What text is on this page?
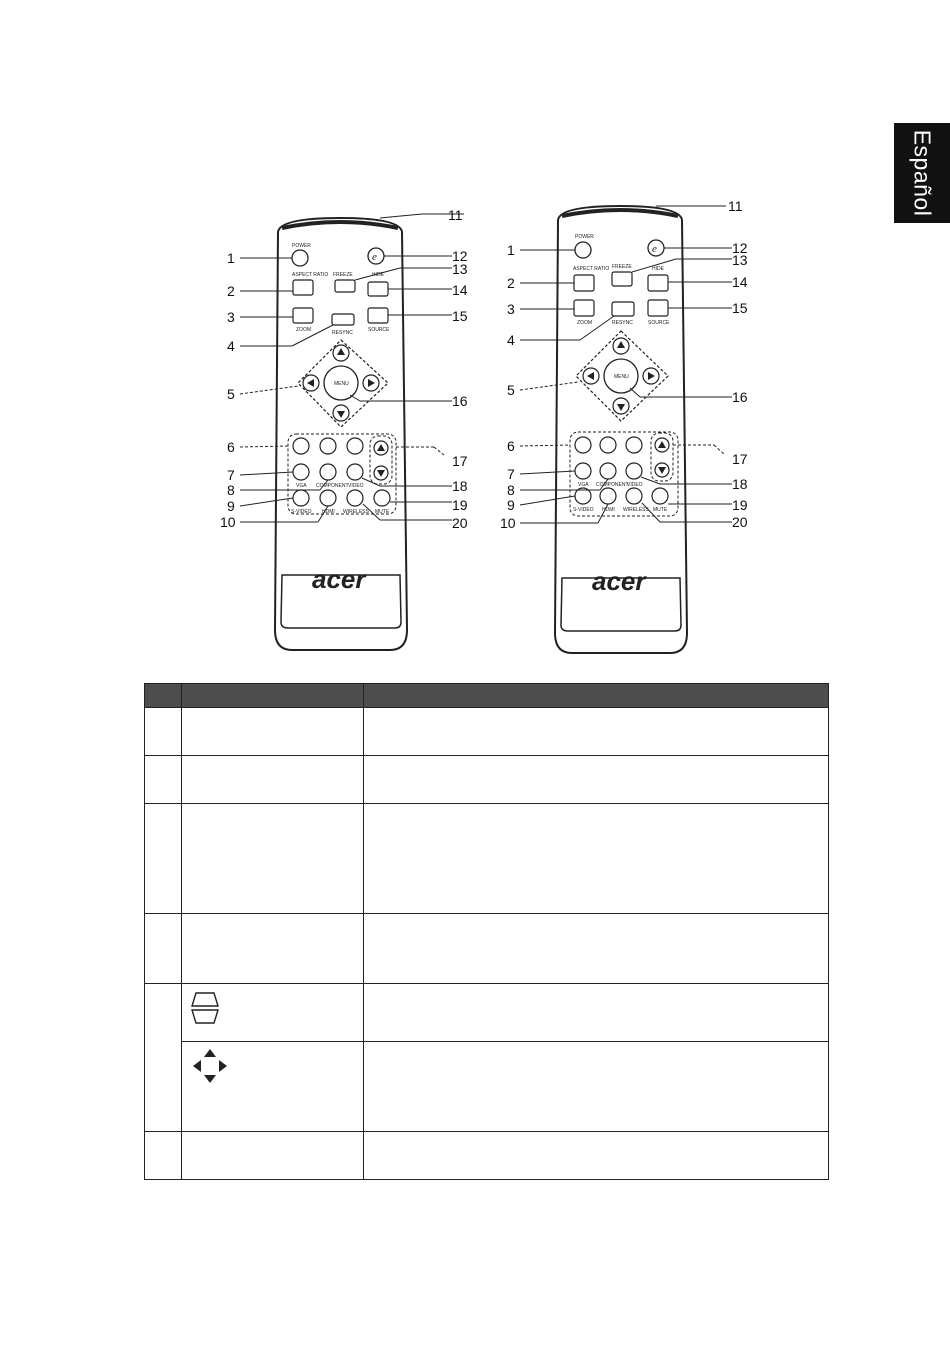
Español
POWER
e
ASPECT RATIO FREEZE	HIDE
ZOOM	RESYNC	SOURCE
MENU
VGA COMPONENT VIDEO
S-VIDEO HDMI WIRELESS MUTE
acer
1
2
3
4
5
6
7
8
9
10
11
12
13
14
15
16
17
18
19
20
POWER
e
ASPECT RATIO FREEZE	HIDE
ZOOM	RESYNC	SOURCE
MENU
VGA COMPONENT
VIDEO
S-VIDEO HDMI WIRELESS MUTE
acer
1
2
3
4
5
6
7
8
9
10
11
12
13
14
15
16
17
18
19
20
